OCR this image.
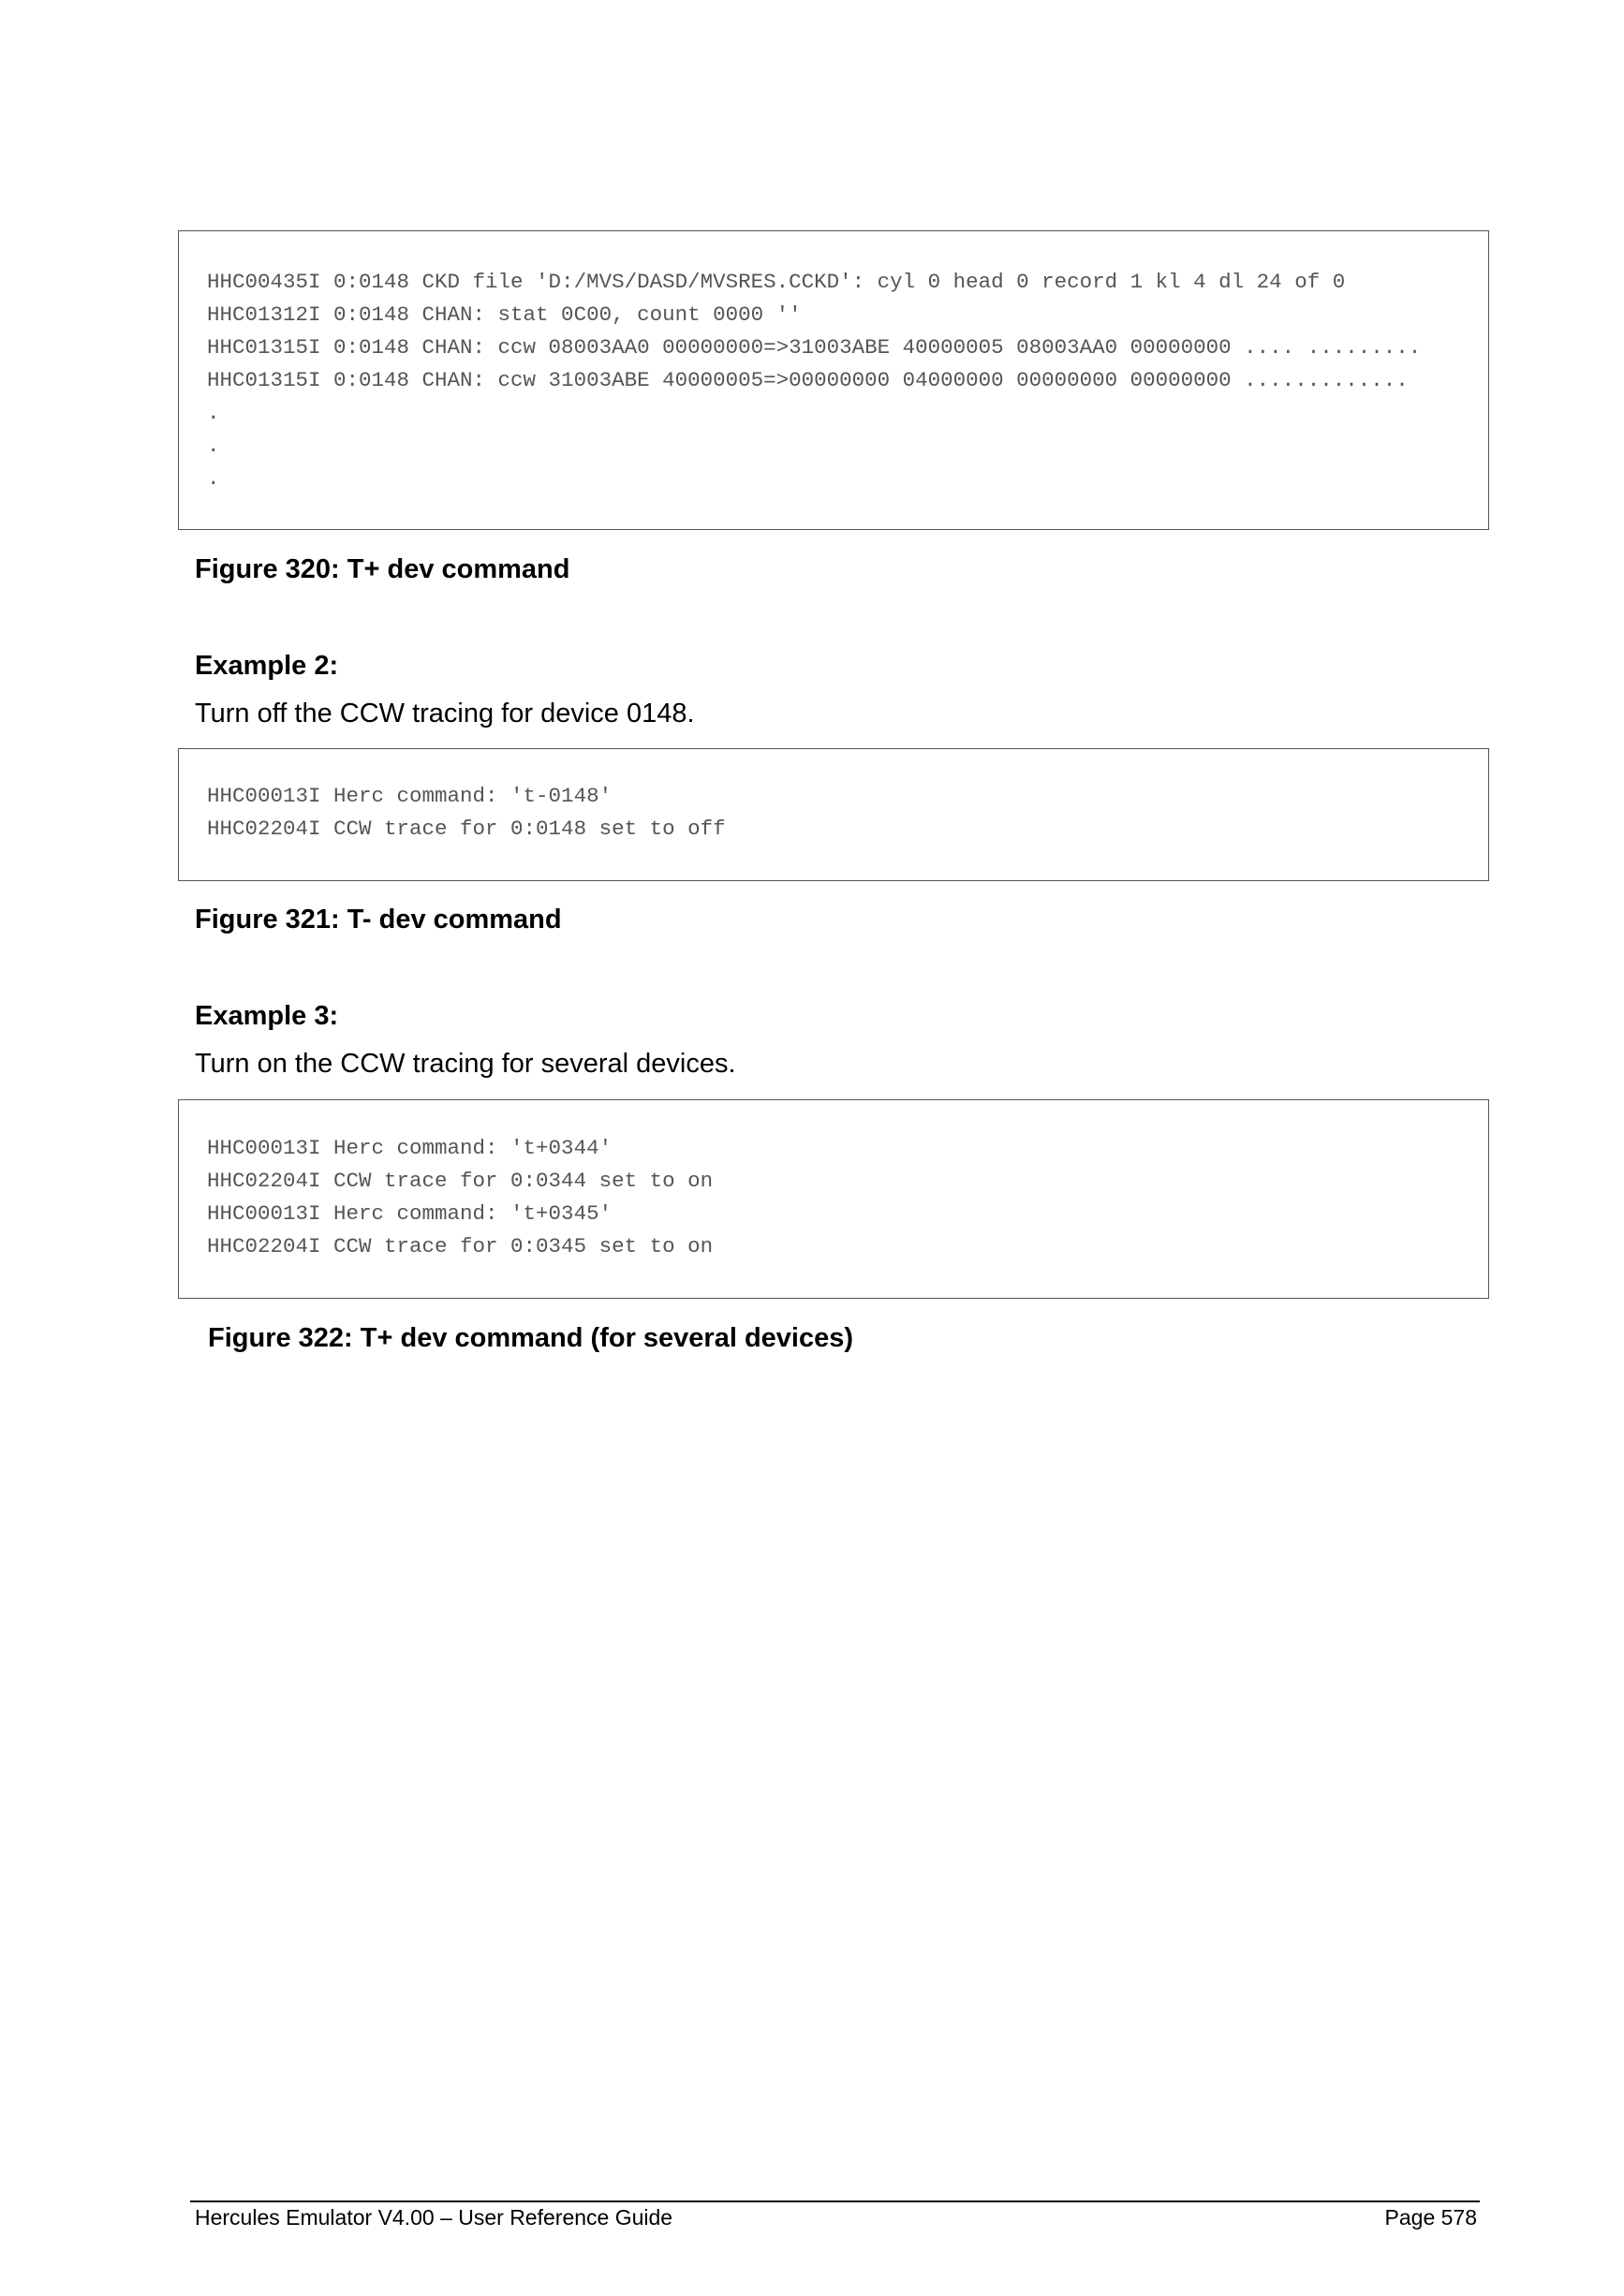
HHC00435I 0:0148 CKD file 'D:/MVS/DASD/MVSRES.CCKD': cyl 0 head 0 record 1 kl 4 dl 24 of 0
HHC01312I 0:0148 CHAN: stat 0C00, count 0000 ''
HHC01315I 0:0148 CHAN: ccw 08003AA0 00000000=>31003ABE 40000005 08003AA0 00000000 .... .........
HHC01315I 0:0148 CHAN: ccw 31003ABE 40000005=>00000000 04000000 00000000 00000000 .............
.
.
.
Figure 320: T+ dev command
Example 2:
Turn off the CCW tracing for device 0148.
HHC00013I Herc command: 't-0148'
HHC02204I CCW trace for 0:0148 set to off
Figure 321: T- dev command
Example 3:
Turn on the CCW tracing for several devices.
HHC00013I Herc command: 't+0344'
HHC02204I CCW trace for 0:0344 set to on
HHC00013I Herc command: 't+0345'
HHC02204I CCW trace for 0:0345 set to on
Figure 322: T+ dev command (for several devices)
Hercules Emulator V4.00 – User Reference Guide	Page 578
